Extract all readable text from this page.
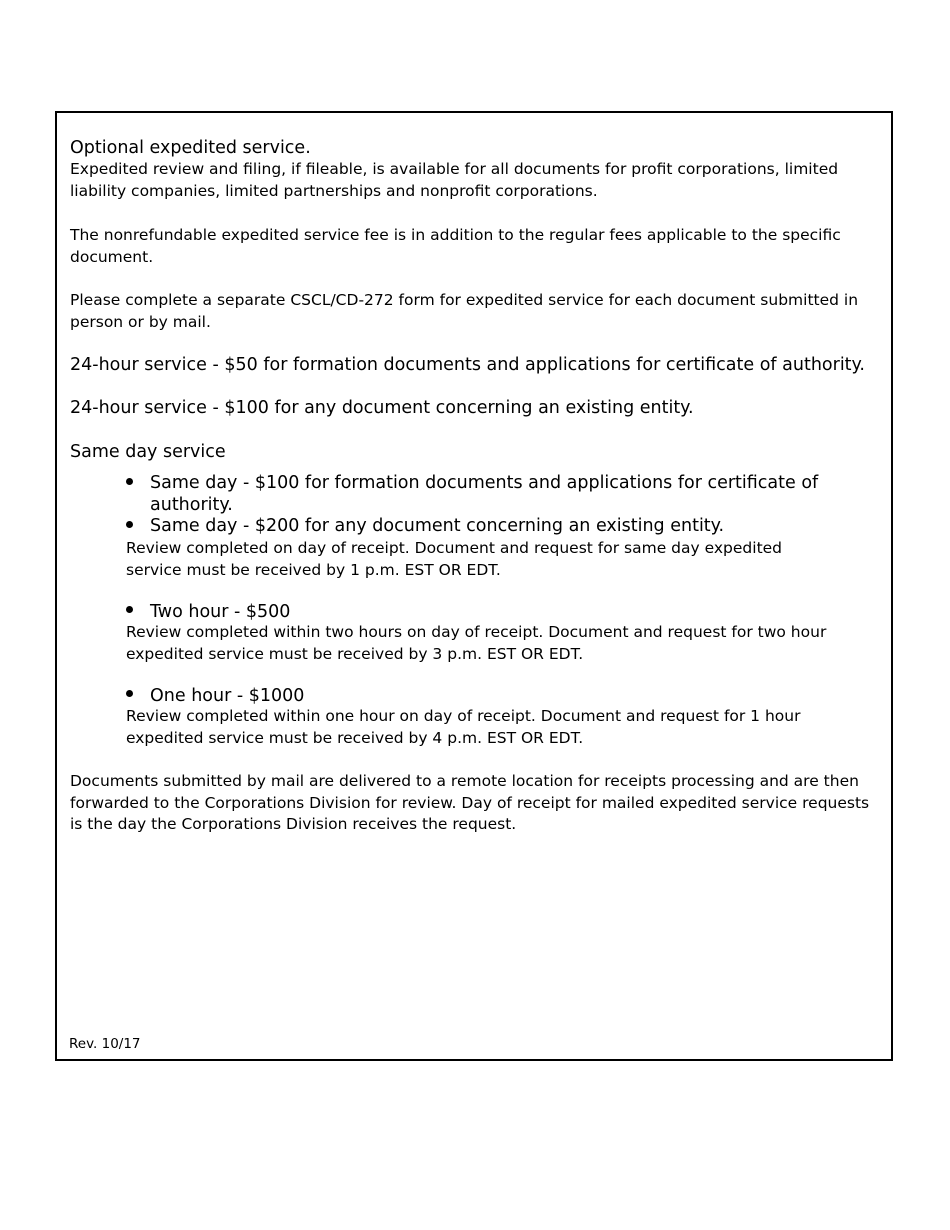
Optional expedited service.

Expedited review and filing, if fileable, is available for all documents for profit corporations, limited liability companies, limited partnerships and nonprofit corporations.

The nonrefundable expedited service fee is in addition to the regular fees applicable to the specific document.

Please complete a separate CSCL/CD-272 form for expedited service for each document submitted in person or by mail.

24-hour service - $50 for formation documents and applications for certificate of authority.

24-hour service - $100 for any document concerning an existing entity.

Same day service

Same day - $100 for formation documents and applications for certificate of authority.

Same day - $200 for any document concerning an existing entity.

Review completed on day of receipt. Document and request for same day expedited service must be received by 1 p.m. EST OR EDT.

Two hour - $500

Review completed within two hours on day of receipt. Document and request for two hour expedited service must be received by 3 p.m. EST OR EDT.

One hour - $1000

Review completed within one hour on day of receipt. Document and request for 1 hour expedited service must be received by 4 p.m. EST OR EDT.

Documents submitted by mail are delivered to a remote location for receipts processing and are then forwarded to the Corporations Division for review. Day of receipt for mailed expedited service requests is the day the Corporations Division receives the request.

Rev. 10/17
